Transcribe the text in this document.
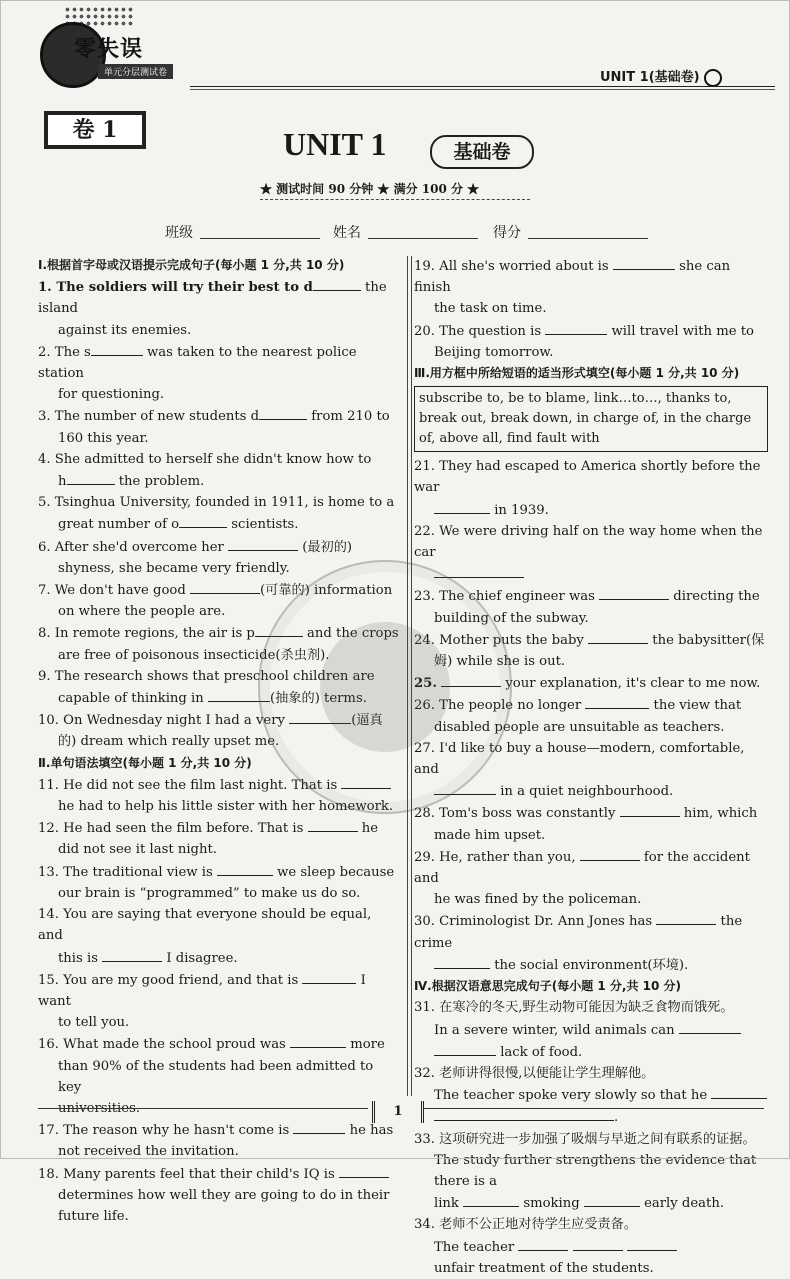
零失误
单元分层测试卷	UNIT 1(基础卷)
卷 1	UNIT 1	基础卷
★ 测试时间 90 分钟 ★ 满分 100 分 ★
班级	姓名	得分

Ⅰ.根据首字母或汉语提示完成句子(每小题 1 分,共 10 分)

1. The soldiers will try their best to d	the island

against its enemies.

2. The s	was taken to the nearest police station

for questioning.

3. The number of new students d	from 210 to

160 this year.

4. She admitted to herself she didn't know how to

h	the problem.

5. Tsinghua University, founded in 1911, is home to a

great number of o	scientists.

6. After she'd overcome her	(最初的)

shyness, she became very friendly.

7. We don't have good	(可靠的) information

on where the people are.

8. In remote regions, the air is p	and the crops

are free of poisonous insecticide(杀虫剂).

9. The research shows that preschool children are

capable of thinking in	(抽象的) terms.

10. On Wednesday night I had a very	(逼真

的) dream which really upset me.

Ⅱ.单句语法填空(每小题 1 分,共 10 分)

11. He did not see the film last night. That is

he had to help his little sister with her homework.

12. He had seen the film before. That is	he

did not see it last night.

13. The traditional view is	we sleep because

our brain is “programmed” to make us do so.

14. You are saying that everyone should be equal, and

this is	I disagree.

15. You are my good friend, and that is	I want

to tell you.

16. What made the school proud was	more

than 90% of the students had been admitted to key

universities.

17. The reason why he hasn't come is	he has

not received the invitation.

18. Many parents feel that their child's IQ is

determines how well they are going to do in their

future life.

19. All she's worried about is	she can finish

the task on time.

20. The question is	will travel with me to

Beijing tomorrow.

Ⅲ.用方框中所给短语的适当形式填空(每小题 1 分,共 10 分)

subscribe to, be to blame, link…to…, thanks to, break out, break down, in charge of, in the charge of, above all, find fault with

21. They had escaped to America shortly before the war

in 1939.

22. We were driving half on the way home when the car

23. The chief engineer was	directing the

building of the subway.

24. Mother puts the baby	the babysitter(保

姆) while she is out.

25.	your explanation, it's clear to me now.

26. The people no longer	the view that

disabled people are unsuitable as teachers.

27. I'd like to buy a house—modern, comfortable, and

in a quiet neighbourhood.

28. Tom's boss was constantly	him, which

made him upset.

29. He, rather than you,	for the accident and

he was fined by the policeman.

30. Criminologist Dr. Ann Jones has	the crime

the social environment(环境).

Ⅳ.根据汉语意思完成句子(每小题 1 分,共 10 分)

31. 在寒冷的冬天,野生动物可能因为缺乏食物而饿死。

In a severe winter, wild animals can

lack of food.

32. 老师讲得很慢,以便能让学生理解他。

The teacher spoke very slowly so that he

.

33. 这项研究进一步加强了吸烟与早逝之间有联系的证据。

The study further strengthens the evidence that there is a

link	smoking	early death.

34. 老师不公正地对待学生应受责备。

The teacher

unfair treatment of the students.

1
